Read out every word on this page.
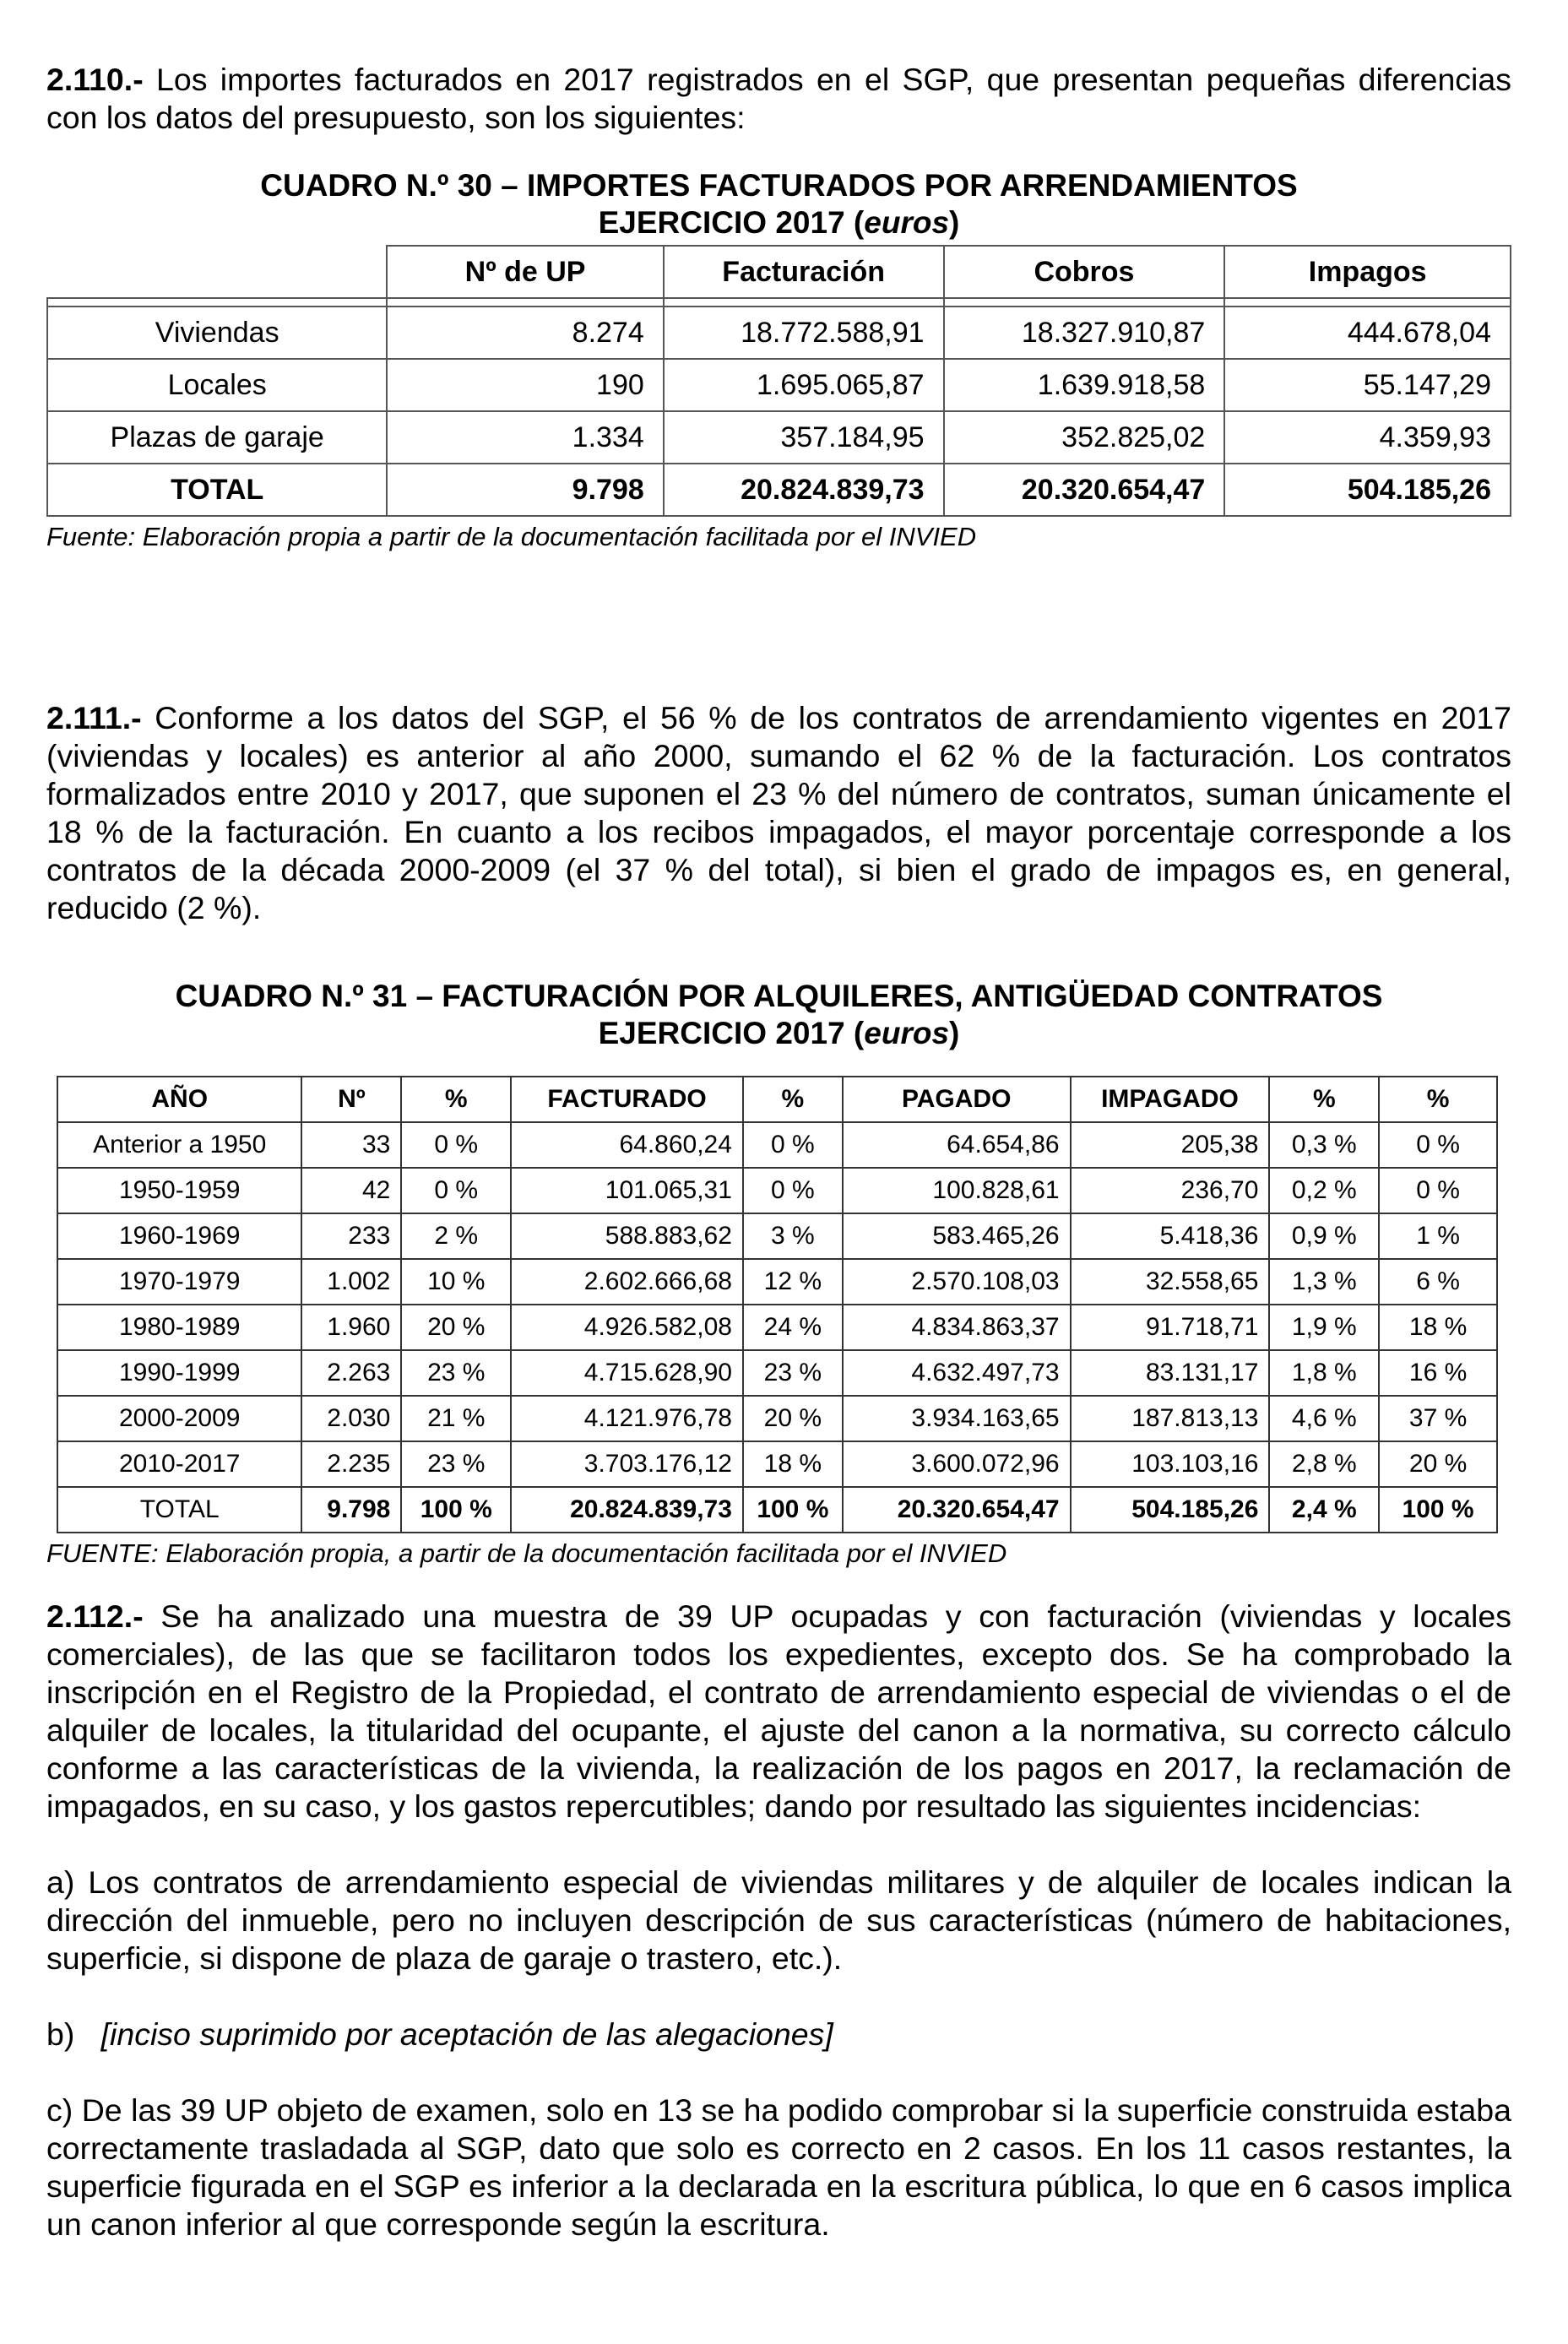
2.110.- Los importes facturados en 2017 registrados en el SGP, que presentan pequeñas diferencias con los datos del presupuesto, son los siguientes:

CUADRO N.º 30 – IMPORTES FACTURADOS POR ARRENDAMIENTOS
EJERCICIO 2017 (euros)

	Nº de UP	Facturación	Cobros	Impagos

Viviendas	8.274	18.772.588,91	18.327.910,87	444.678,04
Locales	190	1.695.065,87	1.639.918,58	55.147,29
Plazas de garaje	1.334	357.184,95	352.825,02	4.359,93
TOTAL	9.798	20.824.839,73	20.320.654,47	504.185,26

Fuente: Elaboración propia a partir de la documentación facilitada por el INVIED

2.111.- Conforme a los datos del SGP, el 56 % de los contratos de arrendamiento vigentes en 2017 (viviendas y locales) es anterior al año 2000, sumando el 62 % de la facturación. Los contratos formalizados entre 2010 y 2017, que suponen el 23 % del número de contratos, suman únicamente el 18 % de la facturación. En cuanto a los recibos impagados, el mayor porcentaje corresponde a los contratos de la década 2000-2009 (el 37 % del total), si bien el grado de impagos es, en general, reducido (2 %).

CUADRO N.º 31 – FACTURACIÓN POR ALQUILERES, ANTIGÜEDAD CONTRATOS
EJERCICIO 2017 (euros)

AÑO	Nº	%	FACTURADO	%	PAGADO	IMPAGADO	%	%
Anterior a 1950	33	0 %	64.860,24	0 %	64.654,86	205,38	0,3 %	0 %
1950-1959	42	0 %	101.065,31	0 %	100.828,61	236,70	0,2 %	0 %
1960-1969	233	2 %	588.883,62	3 %	583.465,26	5.418,36	0,9 %	1 %
1970-1979	1.002	10 %	2.602.666,68	12 %	2.570.108,03	32.558,65	1,3 %	6 %
1980-1989	1.960	20 %	4.926.582,08	24 %	4.834.863,37	91.718,71	1,9 %	18 %
1990-1999	2.263	23 %	4.715.628,90	23 %	4.632.497,73	83.131,17	1,8 %	16 %
2000-2009	2.030	21 %	4.121.976,78	20 %	3.934.163,65	187.813,13	4,6 %	37 %
2010-2017	2.235	23 %	3.703.176,12	18 %	3.600.072,96	103.103,16	2,8 %	20 %
TOTAL	9.798	100 %	20.824.839,73	100 %	20.320.654,47	504.185,26	2,4 %	100 %

FUENTE: Elaboración propia, a partir de la documentación facilitada por el INVIED

2.112.- Se ha analizado una muestra de 39 UP ocupadas y con facturación (viviendas y locales comerciales), de las que se facilitaron todos los expedientes, excepto dos. Se ha comprobado la inscripción en el Registro de la Propiedad, el contrato de arrendamiento especial de viviendas o el de alquiler de locales, la titularidad del ocupante, el ajuste del canon a la normativa, su correcto cálculo conforme a las características de la vivienda, la realización de los pagos en 2017, la reclamación de impagados, en su caso, y los gastos repercutibles; dando por resultado las siguientes incidencias:

a) Los contratos de arrendamiento especial de viviendas militares y de alquiler de locales indican la dirección del inmueble, pero no incluyen descripción de sus características (número de habitaciones, superficie, si dispone de plaza de garaje o trastero, etc.).

b) [inciso suprimido por aceptación de las alegaciones]

c) De las 39 UP objeto de examen, solo en 13 se ha podido comprobar si la superficie construida estaba correctamente trasladada al SGP, dato que solo es correcto en 2 casos. En los 11 casos restantes, la superficie figurada en el SGP es inferior a la declarada en la escritura pública, lo que en 6 casos implica un canon inferior al que corresponde según la escritura.
